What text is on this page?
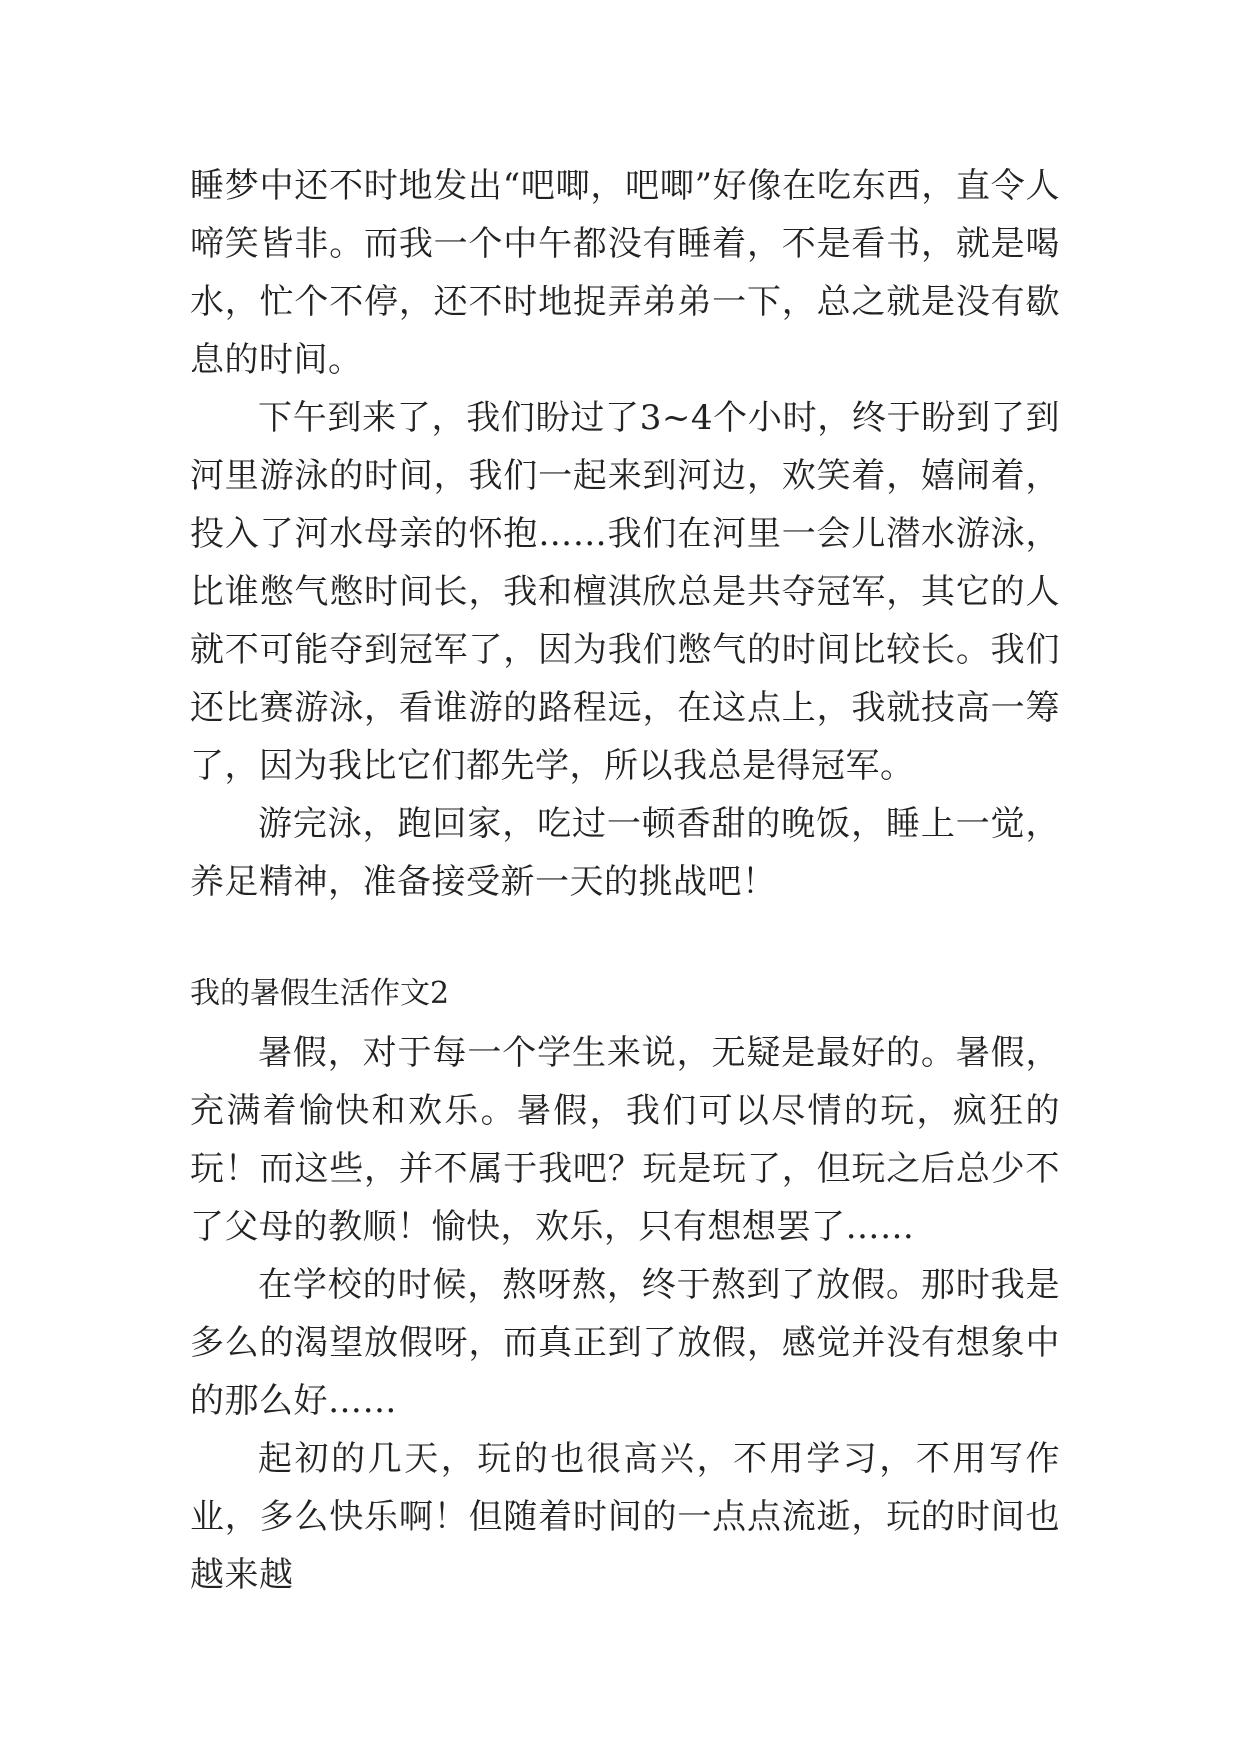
睡梦中还不时地发出“吧唧，吧唧”好像在吃东西，直令人啼笑皆非。而我一个中午都没有睡着，不是看书，就是喝水，忙个不停，还不时地捉弄弟弟一下，总之就是没有歇息的时间。

下午到来了，我们盼过了3~4个小时，终于盼到了到河里游泳的时间，我们一起来到河边，欢笑着，嬉闹着，投入了河水母亲的怀抱……我们在河里一会儿潜水游泳，比谁憋气憋时间长，我和檀淇欣总是共夺冠军，其它的人就不可能夺到冠军了，因为我们憋气的时间比较长。我们还比赛游泳，看谁游的路程远，在这点上，我就技高一筹了，因为我比它们都先学，所以我总是得冠军。

游完泳，跑回家，吃过一顿香甜的晚饭，睡上一觉，养足精神，准备接受新一天的挑战吧！

我的暑假生活作文2

暑假，对于每一个学生来说，无疑是最好的。暑假，充满着愉快和欢乐。暑假，我们可以尽情的玩，疯狂的玩！而这些，并不属于我吧？玩是玩了，但玩之后总少不了父母的教顺！愉快，欢乐，只有想想罢了……

在学校的时候，熬呀熬，终于熬到了放假。那时我是多么的渴望放假呀，而真正到了放假，感觉并没有想象中的那么好……

起初的几天，玩的也很高兴，不用学习，不用写作业，多么快乐啊！但随着时间的一点点流逝，玩的时间也越来越
